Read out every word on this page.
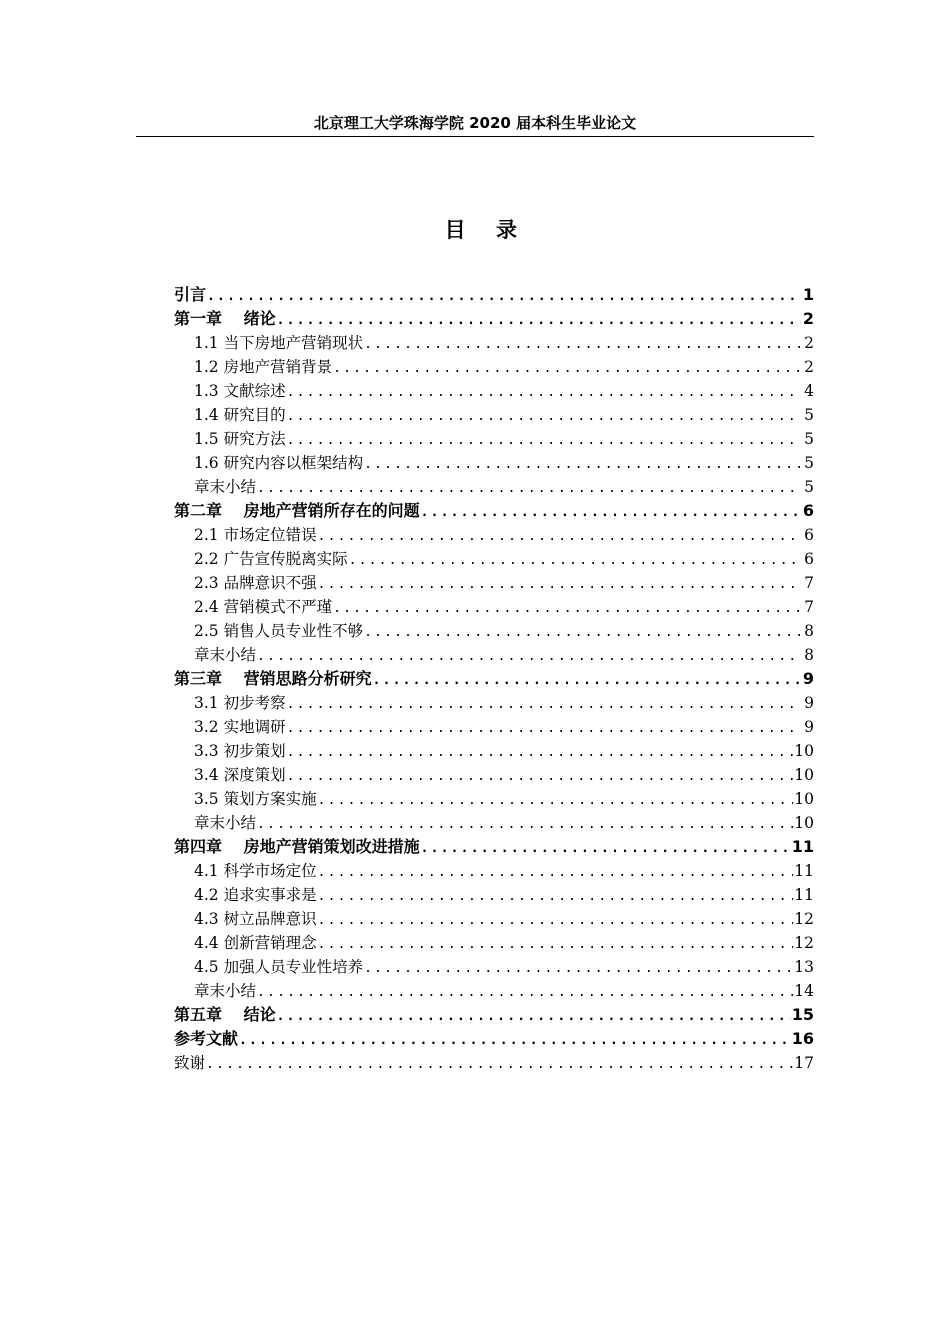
北京理工大学珠海学院 2020 届本科生毕业论文
目 录
引言 .....	1
第一章　 绪论 .....	2
1.1 当下房地产营销现状 .....	2
1.2 房地产营销背景 .....	2
1.3 文献综述 .....	4
1.4 研究目的 .....	5
1.5 研究方法 .....	5
1.6 研究内容以框架结构 .....	5
章末小结 .....	5
第二章　 房地产营销所存在的问题 .....	6
2.1 市场定位错误 .....	6
2.2 广告宣传脱离实际 .....	6
2.3 品牌意识不强 .....	7
2.4 营销模式不严瑾 .....	7
2.5 销售人员专业性不够 .....	8
章末小结 .....	8
第三章　 营销思路分析研究 .....	9
3.1 初步考察 .....	9
3.2 实地调研 .....	9
3.3 初步策划 .....	10
3.4 深度策划 .....	10
3.5 策划方案实施 .....	10
章末小结 .....	10
第四章　 房地产营销策划改进措施 .....	11
4.1 科学市场定位 .....	11
4.2 追求实事求是 .....	11
4.3 树立品牌意识 .....	12
4.4 创新营销理念 .....	12
4.5 加强人员专业性培养 .....	13
章末小结 .....	14
第五章　 结论 .....	15
参考文献 .....	16
致谢 .....	17
